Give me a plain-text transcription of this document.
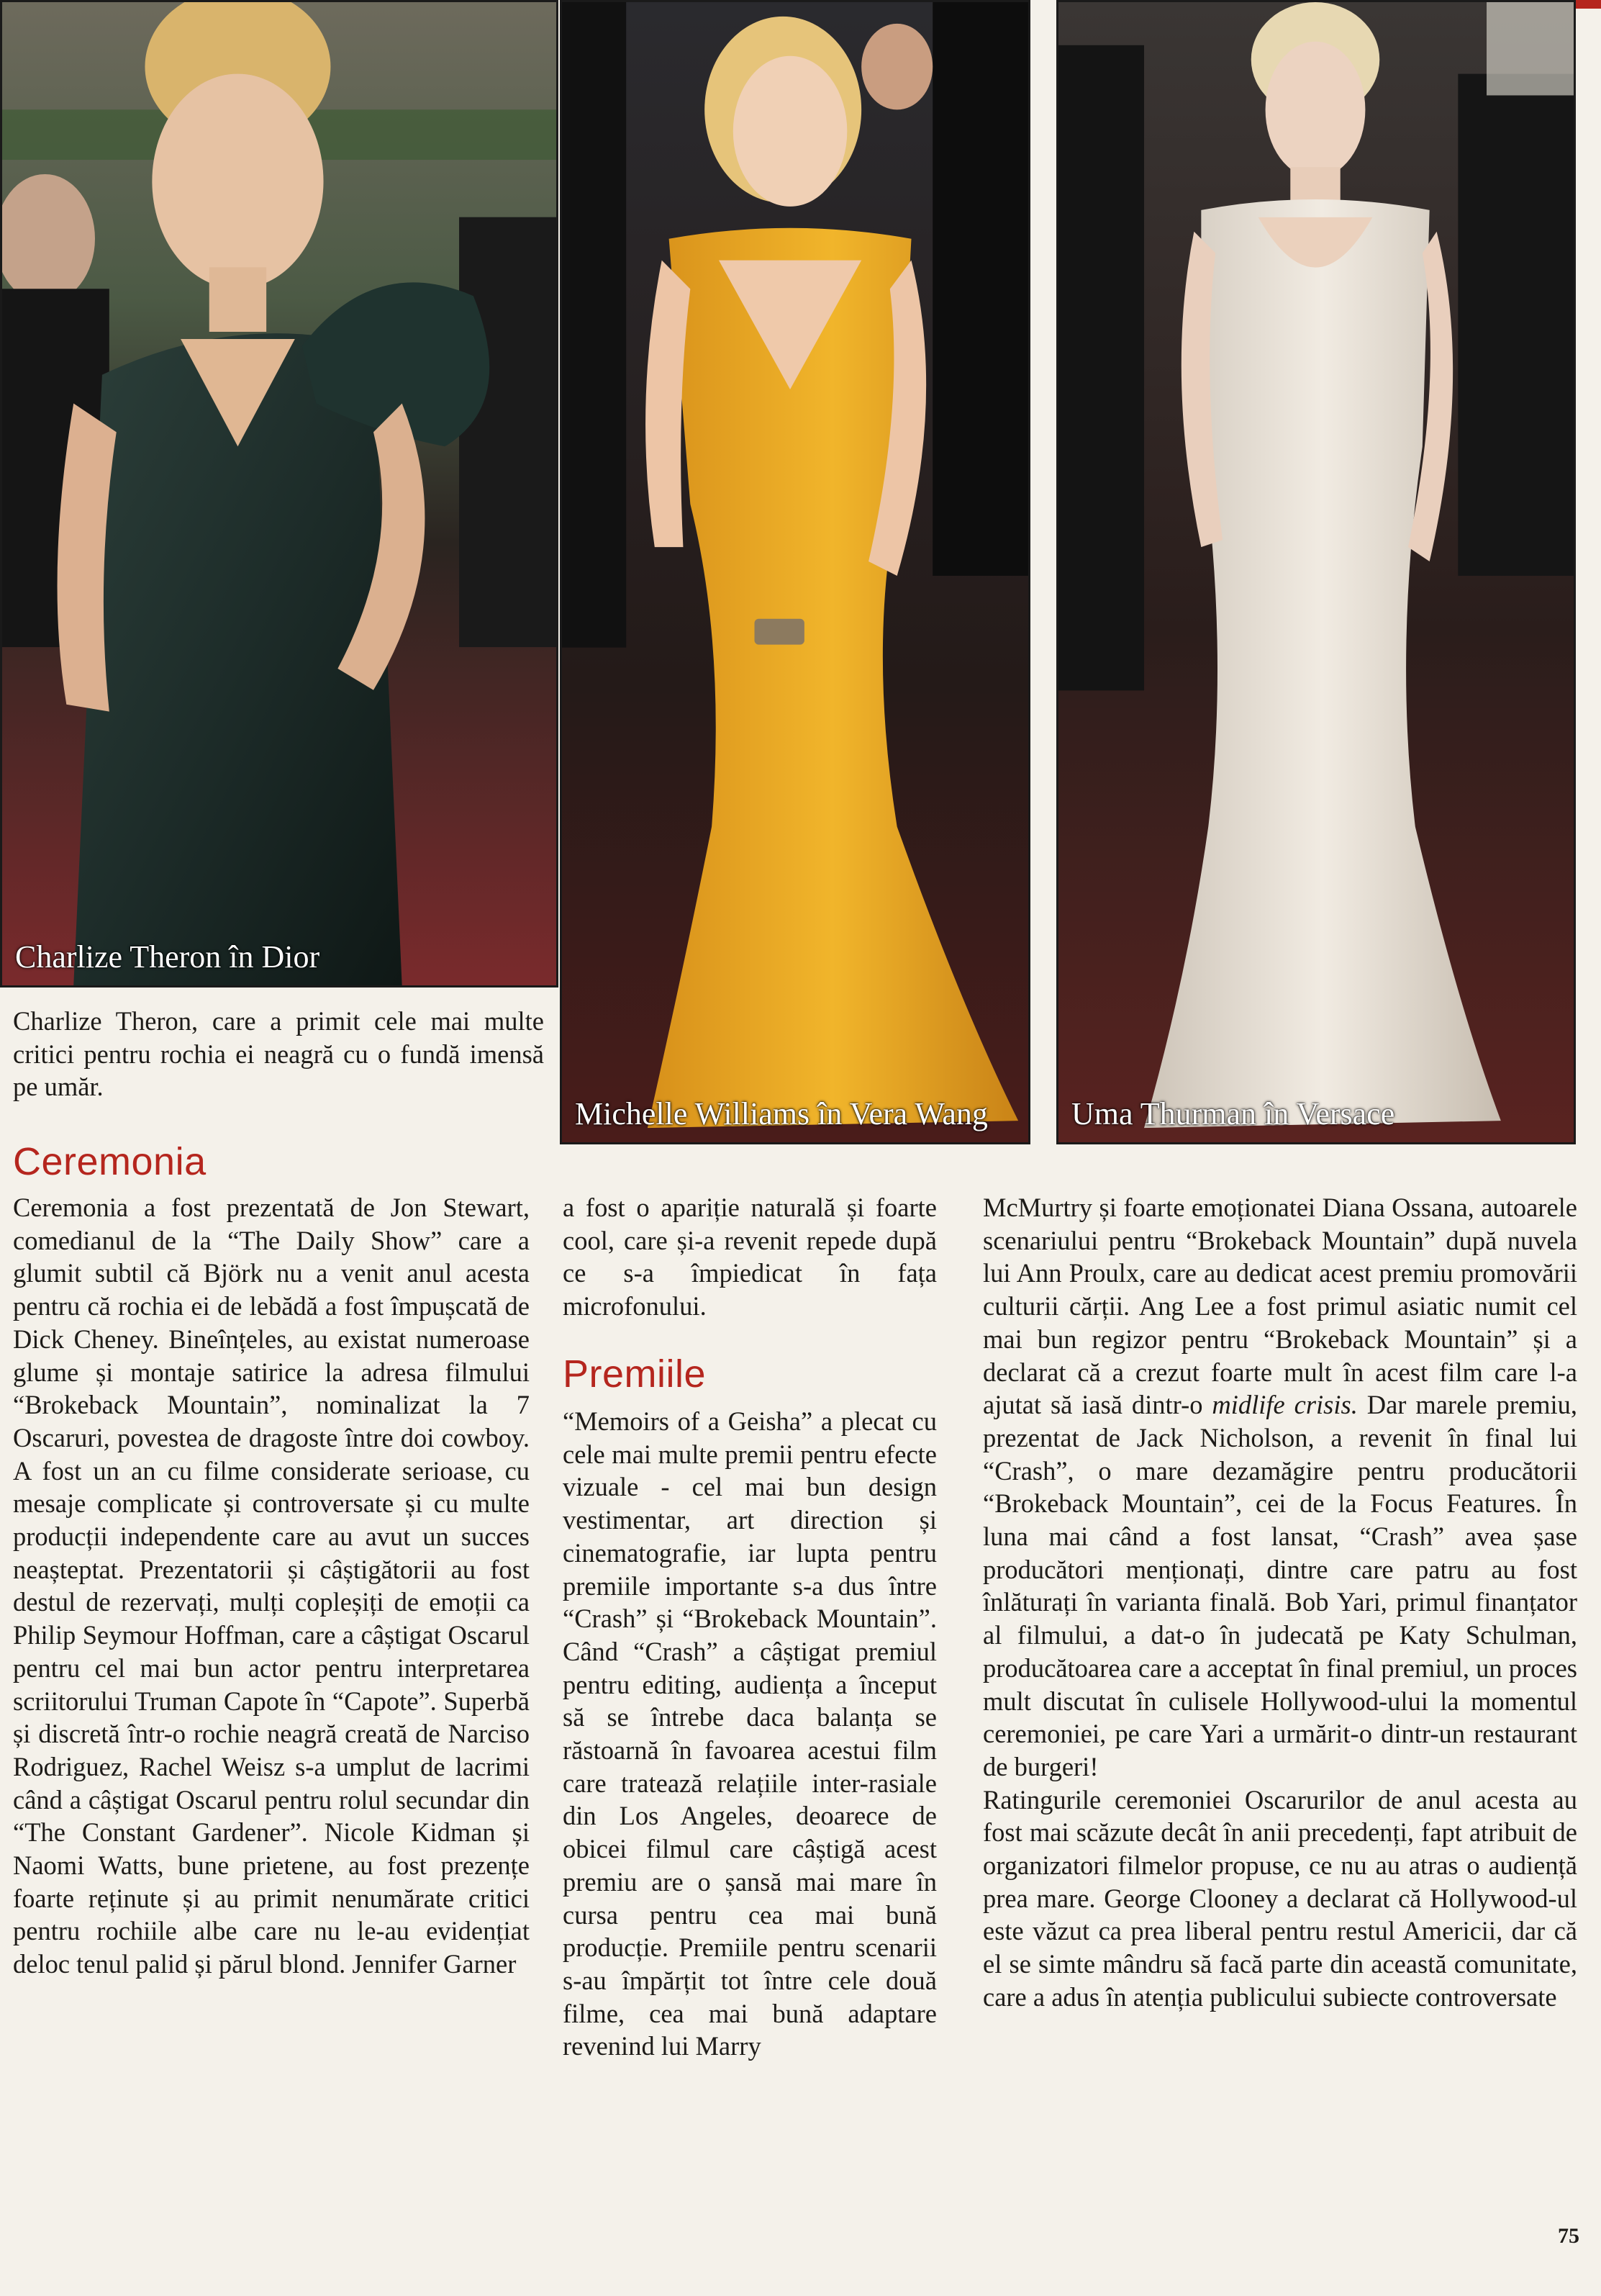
Charlize Theron în Dior
Michelle Williams în Vera Wang	Uma Thurman în Versace

Charlize Theron, care a primit cele mai multe critici pentru rochia ei neagră cu o fundă imensă pe umăr.

Ceremonia

Ceremonia a fost prezentată de Jon Stewart, comedianul de la “The Daily Show” care a glumit subtil că Björk nu a venit anul acesta pentru că rochia ei de lebădă a fost împușcată de Dick Cheney. Bineînțeles, au existat numeroase glume și montaje satirice la adresa filmului “Brokeback Mountain”, nominalizat la 7 Oscaruri, povestea de dragoste între doi cowboy. A fost un an cu filme considerate serioase, cu mesaje complicate și controversate și cu multe producții independente care au avut un succes neașteptat. Prezentatorii și câștigătorii au fost destul de rezervați, mulți copleșiți de emoții ca Philip Seymour Hoffman, care a câștigat Oscarul pentru cel mai bun actor pentru interpretarea scriitorului Truman Capote în “Capote”. Superbă și discretă într-o rochie neagră creată de Narciso Rodriguez, Rachel Weisz s-a umplut de lacrimi când a câștigat Oscarul pentru rolul secundar din “The Constant Gardener”. Nicole Kidman și Naomi Watts, bune prietene, au fost prezențe foarte reținute și au primit nenumărate critici pentru rochiile albe care nu le-au evidențiat deloc tenul palid și părul blond. Jennifer Garner

a fost o apariție naturală și foarte cool, care și-a revenit repede după ce s-a împiedicat în fața microfonului.

Premiile

“Memoirs of a Geisha” a plecat cu cele mai multe premii pentru efecte vizuale - cel mai bun design vestimentar, art direction și cinematografie, iar lupta pentru premiile importante s-a dus între “Crash” și “Brokeback Mountain”. Când “Crash” a câștigat premiul pentru editing, audiența a început să se întrebe daca balanța se răstoarnă în favoarea acestui film care tratează relațiile inter-rasiale din Los Angeles, deoarece de obicei filmul care câștigă acest premiu are o șansă mai mare în cursa pentru cea mai bună producție. Premiile pentru scenarii s-au împărțit tot între cele două filme, cea mai bună adaptare revenind lui Marry

McMurtry și foarte emoționatei Diana Ossana, autoarele scenariului pentru “Brokeback Mountain” după nuvela lui Ann Proulx, care au dedicat acest premiu promovării culturii cărții. Ang Lee a fost primul asiatic numit cel mai bun regizor pentru “Brokeback Mountain” și a declarat că a crezut foarte mult în acest film care l-a ajutat să iasă dintr-o midlife crisis. Dar marele premiu, prezentat de Jack Nicholson, a revenit în final lui “Crash”, o mare dezamăgire pentru producătorii “Brokeback Mountain”, cei de la Focus Features. În luna mai când a fost lansat, “Crash” avea șase producători menționați, dintre care patru au fost înlăturați în varianta finală. Bob Yari, primul finanțator al filmului, a dat-o în judecată pe Katy Schulman, producătoarea care a acceptat în final premiul, un proces mult discutat în culisele Hollywood-ului la momentul ceremoniei, pe care Yari a urmărit-o dintr-un restaurant de burgeri!

Ratingurile ceremoniei Oscarurilor de anul acesta au fost mai scăzute decât în anii precedenți, fapt atribuit de organizatori filmelor propuse, ce nu au atras o audiență prea mare. George Clooney a declarat că Hollywood-ul este văzut ca prea liberal pentru restul Americii, dar că el se simte mândru să facă parte din această comunitate, care a adus în atenția publicului subiecte controversate

75
